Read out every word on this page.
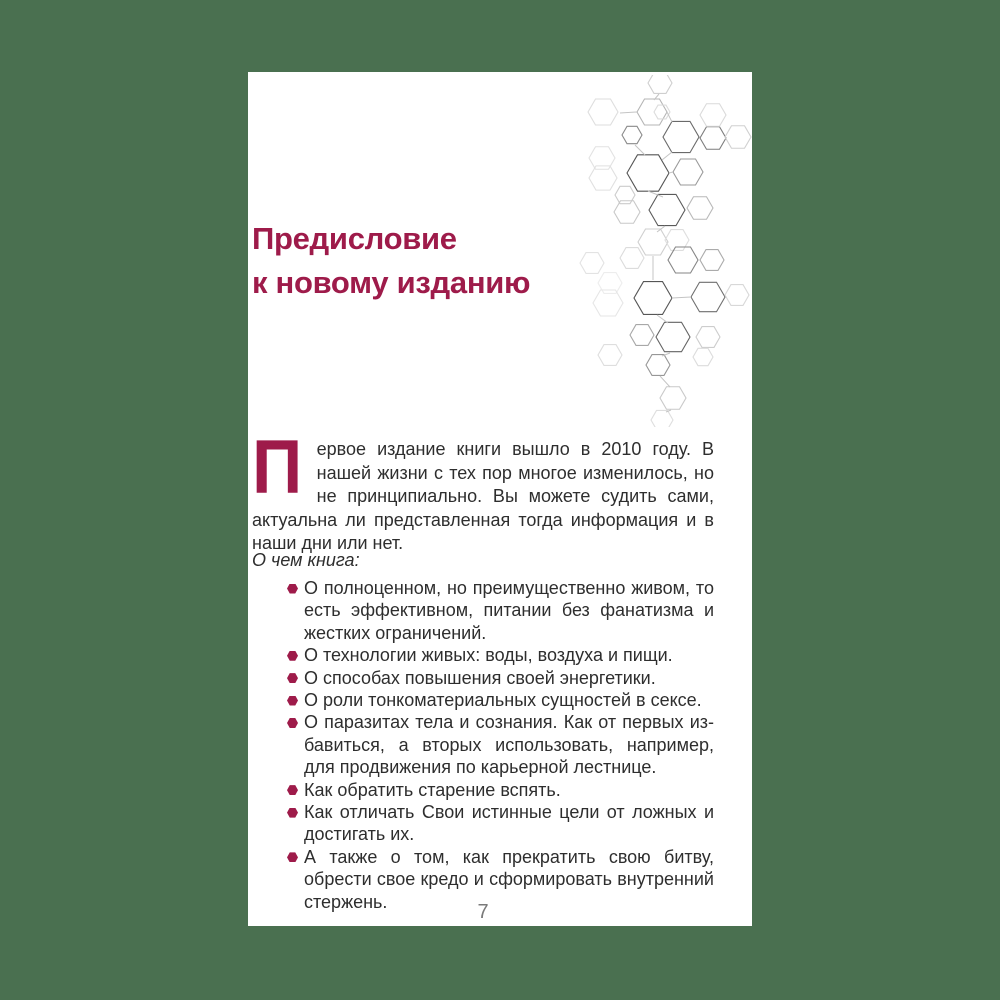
Предисловие
к новому изданию

Первое издание книги вышло в 2010 году. В нашей жизни с тех пор многое изменилось, но не принципиально. Вы можете судить сами, актуальна ли представленная тогда информация и в наши дни или нет.

О чем книга:

О полноценном, но преимущественно живом, то есть эффективном, питании без фанатизма и жестких ограничений.
О технологии живых: воды, воздуха и пищи.
О способах повышения своей энергетики.
О роли тонкоматериальных сущностей в сексе.
О паразитах тела и сознания. Как от первых избавиться, а вторых использовать, например, для продвижения по карьерной лестнице.
Как обратить старение вспять.
Как отличать Свои истинные цели от ложных и достигать их.
А также о том, как прекратить свою битву, обрести свое кредо и сформировать внутренний стержень.	7
